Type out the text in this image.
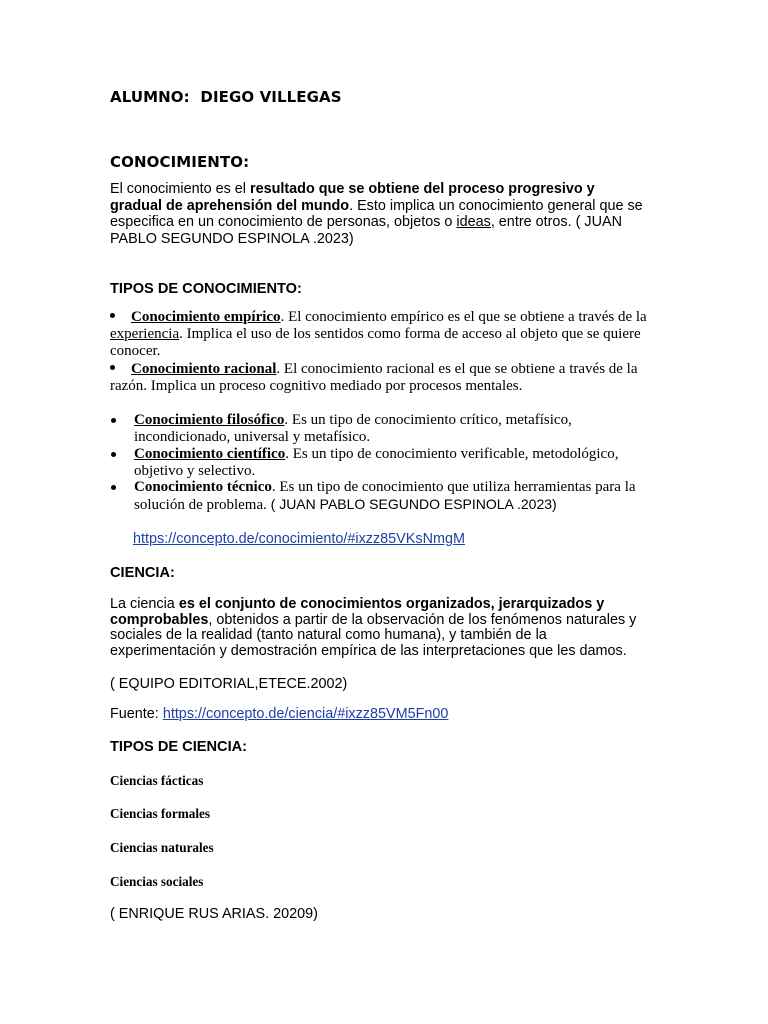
ALUMNO: DIEGO VILLEGAS
CONOCIMIENTO:
El conocimiento es el resultado que se obtiene del proceso progresivo y gradual de aprehensión del mundo. Esto implica un conocimiento general que se especifica en un conocimiento de personas, objetos o ideas, entre otros. ( JUAN PABLO SEGUNDO ESPINOLA .2023)
TIPOS DE CONOCIMIENTO:
Conocimiento empírico. El conocimiento empírico es el que se obtiene a través de la experiencia. Implica el uso de los sentidos como forma de acceso al objeto que se quiere conocer.
Conocimiento racional. El conocimiento racional es el que se obtiene a través de la razón. Implica un proceso cognitivo mediado por procesos mentales.
Conocimiento filosófico. Es un tipo de conocimiento crítico, metafísico, incondicionado, universal y metafísico.
Conocimiento científico. Es un tipo de conocimiento verificable, metodológico, objetivo y selectivo.
Conocimiento técnico. Es un tipo de conocimiento que utiliza herramientas para la solución de problema. ( JUAN PABLO SEGUNDO ESPINOLA .2023)
https://concepto.de/conocimiento/#ixzz85VKsNmgM
CIENCIA:
La ciencia es el conjunto de conocimientos organizados, jerarquizados y comprobables, obtenidos a partir de la observación de los fenómenos naturales y sociales de la realidad (tanto natural como humana), y también de la experimentación y demostración empírica de las interpretaciones que les damos.
( EQUIPO EDITORIAL,ETECE.2002)
Fuente: https://concepto.de/ciencia/#ixzz85VM5Fn00
TIPOS DE CIENCIA:
Ciencias fácticas
Ciencias formales
Ciencias naturales
Ciencias sociales
( ENRIQUE RUS ARIAS. 20209)
